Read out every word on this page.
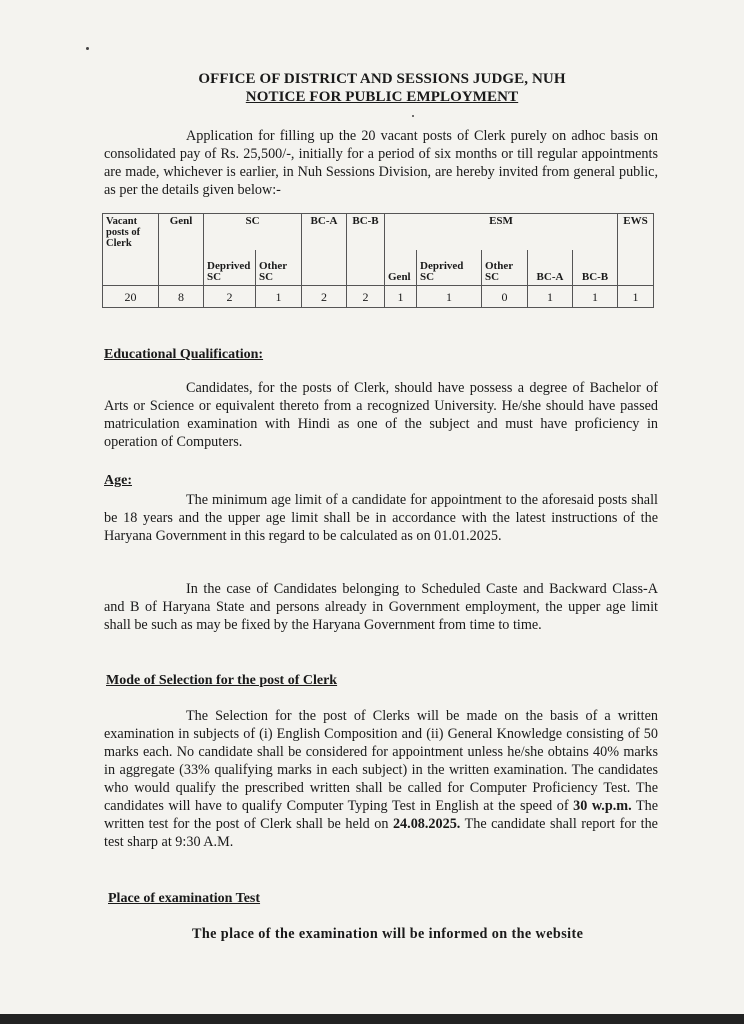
OFFICE OF DISTRICT AND SESSIONS JUDGE, NUH
NOTICE FOR PUBLIC EMPLOYMENT
Application for filling up the 20 vacant posts of Clerk purely on adhoc basis on consolidated pay of Rs. 25,500/-, initially for a period of six months or till regular appointments are made, whichever is earlier, in Nuh Sessions Division, are hereby invited from general public, as per the details given below:-
Vacant posts of Clerk	Genl	SC		BC-A	BC-B	ESM					EWS
		Deprived SC	Other SC			Genl	Deprived SC	Other SC	BC-A	BC-B	
20	8	2	1	2	2	1	1	0	1	1	1
Educational Qualification:
Candidates, for the posts of Clerk, should have possess a degree of Bachelor of Arts or Science or equivalent thereto from a recognized University. He/she should have passed matriculation examination with Hindi as one of the subject and must have proficiency in operation of Computers.
Age:
The minimum age limit of a candidate for appointment to the aforesaid posts shall be 18 years and the upper age limit shall be in accordance with the latest instructions of the Haryana Government in this regard to be calculated as on 01.01.2025.
In the case of Candidates belonging to Scheduled Caste and Backward Class-A and B of Haryana State and persons already in Government employment, the upper age limit shall be such as may be fixed by the Haryana Government from time to time.
Mode of Selection for the post of Clerk
The Selection for the post of Clerks will be made on the basis of a written examination in subjects of (i) English Composition and (ii) General Knowledge consisting of 50 marks each. No candidate shall be considered for appointment unless he/she obtains 40% marks in aggregate (33% qualifying marks in each subject) in the written examination. The candidates who would qualify the prescribed written shall be called for Computer Proficiency Test. The candidates will have to qualify Computer Typing Test in English at the speed of 30 w.p.m. The written test for the post of Clerk shall be held on 24.08.2025. The candidate shall report for the test sharp at 9:30 A.M.
Place of examination Test
The place of the examination will be informed on the website
